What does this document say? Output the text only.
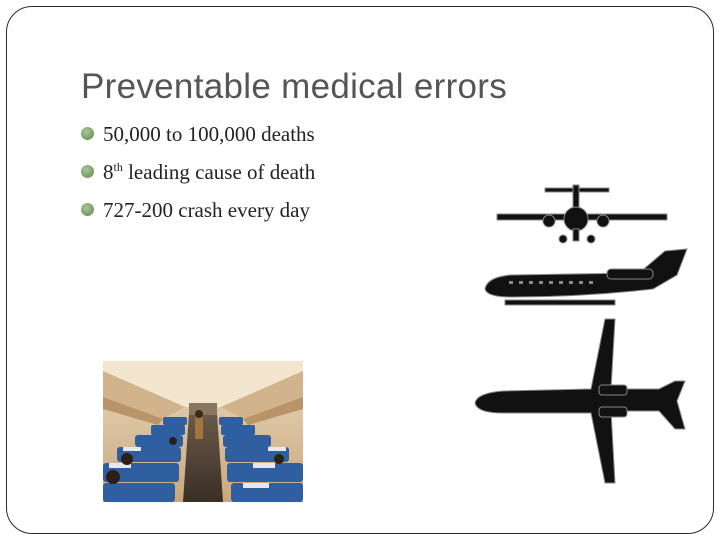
Preventable medical errors
50,000 to 100,000 deaths
8th leading cause of death
727-200 crash every day
